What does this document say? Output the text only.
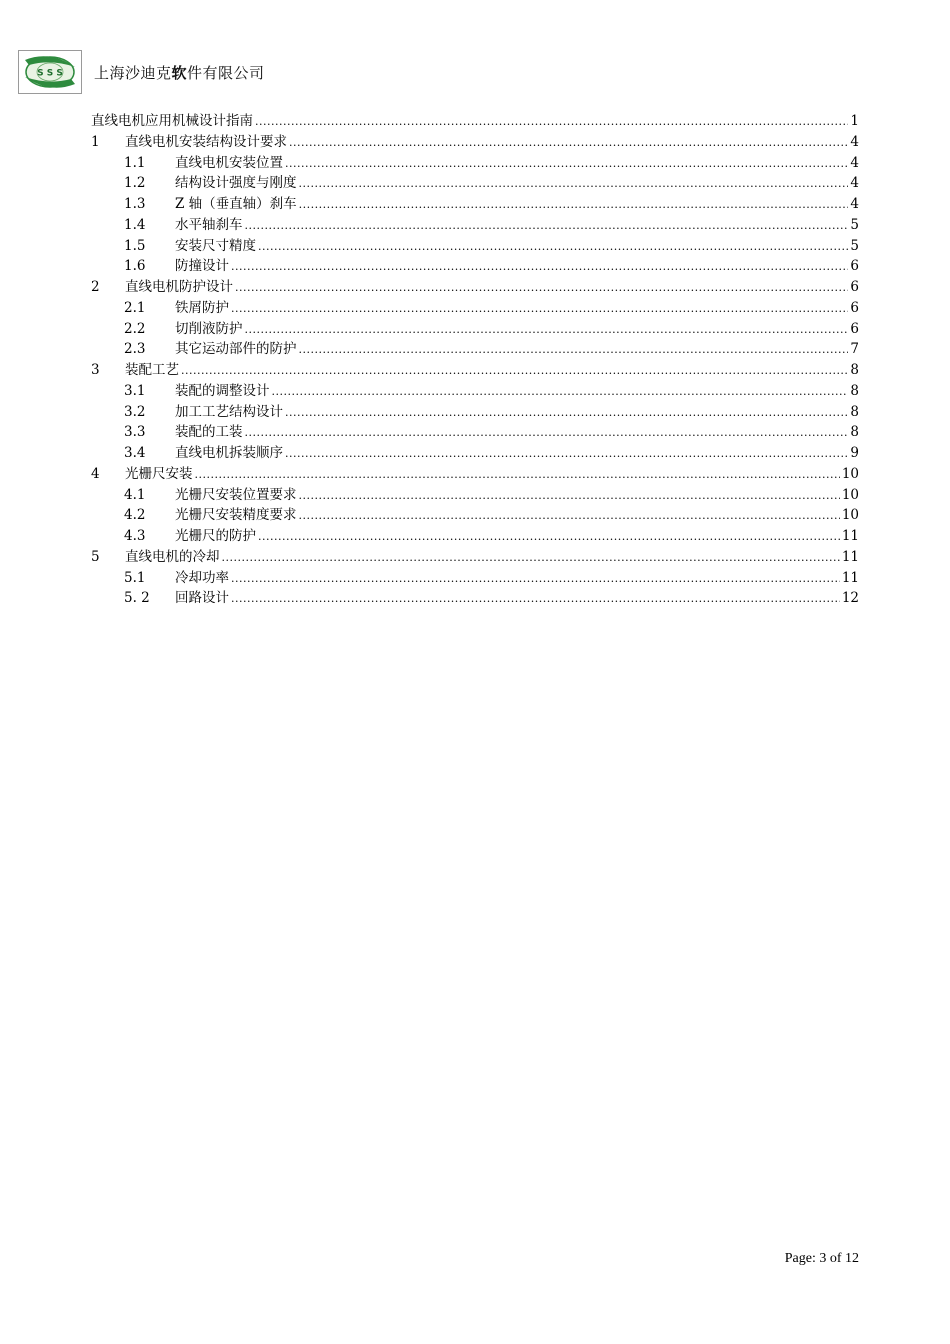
S S S 上海沙迪克软件有限公司
直线电机应用机械设计指南 .....	1
1	直线电机安装结构设计要求 .....	4
1.1	直线电机安装位置 .....	4
1.2	结构设计强度与刚度 .....	4
1.3	Z 轴（垂直轴）刹车 .....	4
1.4	水平轴刹车 .....	5
1.5	安装尺寸精度 .....	5
1.6	防撞设计 .....	6
2	直线电机防护设计 .....	6
2.1	铁屑防护 .....	6
2.2	切削液防护 .....	6
2.3	其它运动部件的防护 .....	7
3	装配工艺 .....	8
3.1	装配的调整设计 .....	8
3.2	加工工艺结构设计 .....	8
3.3	装配的工装 .....	8
3.4	直线电机拆装顺序 .....	9
4	光栅尺安装 .....	10
4.1	光栅尺安装位置要求 .....	10
4.2	光栅尺安装精度要求 .....	10
4.3	光栅尺的防护 .....	11
5	直线电机的冷却 .....	11
5.1	冷却功率 .....	11
5. 2	回路设计 .....	12
Page: 3 of 12
